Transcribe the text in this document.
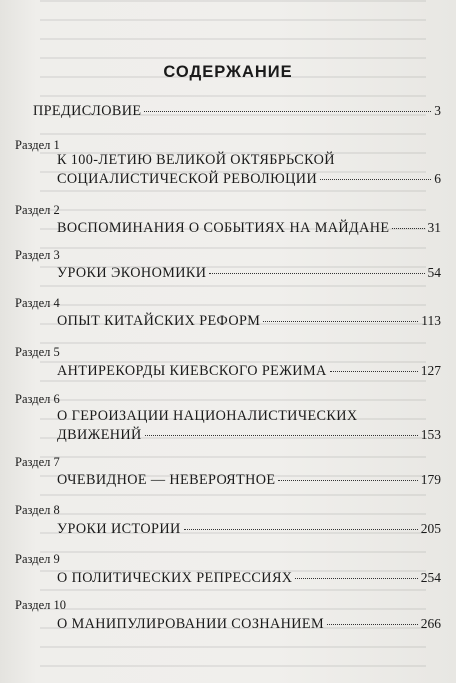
СОДЕРЖАНИЕ
ПРЕДИСЛОВИЕ	3
Раздел 1
К 100-ЛЕТИЮ ВЕЛИКОЙ ОКТЯБРЬСКОЙ
СОЦИАЛИСТИЧЕСКОЙ РЕВОЛЮЦИИ	6
Раздел 2
ВОСПОМИНАНИЯ О СОБЫТИЯХ НА МАЙДАНЕ	31
Раздел 3
УРОКИ ЭКОНОМИКИ	54
Раздел 4
ОПЫТ КИТАЙСКИХ РЕФОРМ	113
Раздел 5
АНТИРЕКОРДЫ КИЕВСКОГО РЕЖИМА	127
Раздел 6
О ГЕРОИЗАЦИИ НАЦИОНАЛИСТИЧЕСКИХ
ДВИЖЕНИЙ	153
Раздел 7
ОЧЕВИДНОЕ — НЕВЕРОЯТНОЕ	179
Раздел 8
УРОКИ ИСТОРИИ	205
Раздел 9
О ПОЛИТИЧЕСКИХ РЕПРЕССИЯХ	254
Раздел 10
О МАНИПУЛИРОВАНИИ СОЗНАНИЕМ	266
